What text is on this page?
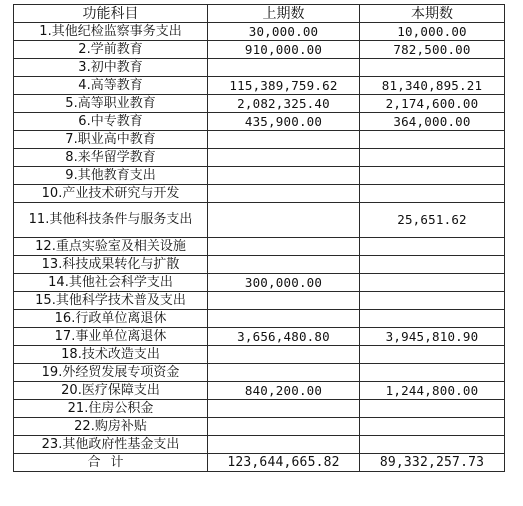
功能科目	上期数	本期数
1.其他纪检监察事务支出	30,000.00	10,000.00
2.学前教育	910,000.00	782,500.00
3.初中教育		
4.高等教育	115,389,759.62	81,340,895.21
5.高等职业教育	2,082,325.40	2,174,600.00
6.中专教育	435,900.00	364,000.00
7.职业高中教育		
8.来华留学教育		
9.其他教育支出		
10.产业技术研究与开发		
11.其他科技条件与服务支出		25,651.62
12.重点实验室及相关设施		
13.科技成果转化与扩散		
14.其他社会科学支出	300,000.00	
15.其他科学技术普及支出		
16.行政单位离退休		
17.事业单位离退休	3,656,480.80	3,945,810.90
18.技术改造支出		
19.外经贸发展专项资金		
20.医疗保障支出	840,200.00	1,244,800.00
21.住房公积金		
22.购房补贴		
23.其他政府性基金支出		
合计	123,644,665.82	89,332,257.73
